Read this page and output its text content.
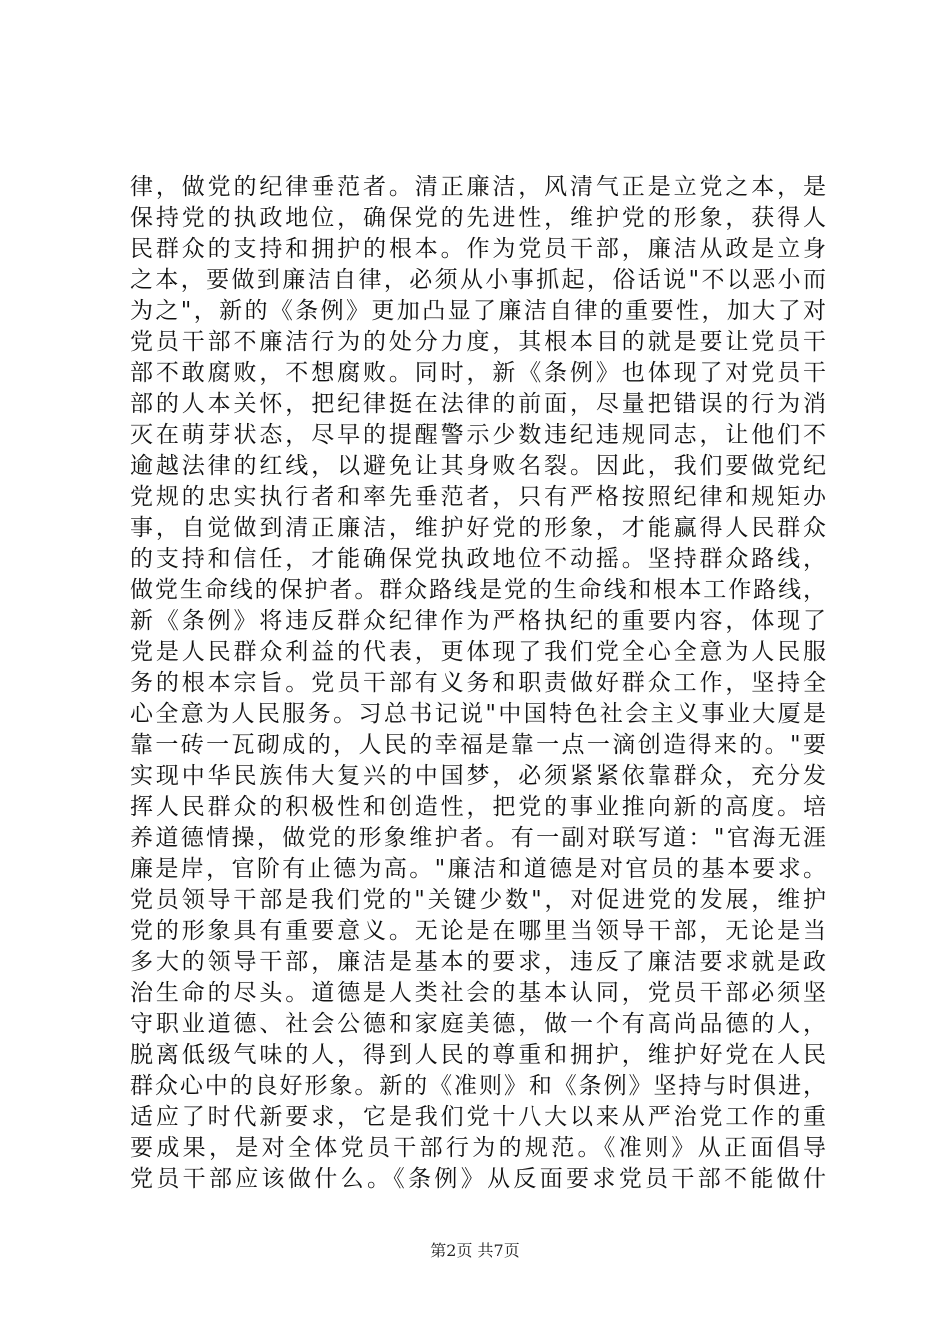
律，做党的纪律垂范者。清正廉洁，风清气正是立党之本，是
保持党的执政地位，确保党的先进性，维护党的形象，获得人
民群众的支持和拥护的根本。作为党员干部，廉洁从政是立身
之本，要做到廉洁自律，必须从小事抓起，俗话说"不以恶小而
为之"，新的《条例》更加凸显了廉洁自律的重要性，加大了对
党员干部不廉洁行为的处分力度，其根本目的就是要让党员干
部不敢腐败，不想腐败。同时，新《条例》也体现了对党员干
部的人本关怀，把纪律挺在法律的前面，尽量把错误的行为消
灭在萌芽状态，尽早的提醒警示少数违纪违规同志，让他们不
逾越法律的红线，以避免让其身败名裂。因此，我们要做党纪
党规的忠实执行者和率先垂范者，只有严格按照纪律和规矩办
事，自觉做到清正廉洁，维护好党的形象，才能赢得人民群众
的支持和信任，才能确保党执政地位不动摇。坚持群众路线，
做党生命线的保护者。群众路线是党的生命线和根本工作路线，
新《条例》将违反群众纪律作为严格执纪的重要内容，体现了
党是人民群众利益的代表，更体现了我们党全心全意为人民服
务的根本宗旨。党员干部有义务和职责做好群众工作，坚持全
心全意为人民服务。习总书记说"中国特色社会主义事业大厦是
靠一砖一瓦砌成的，人民的幸福是靠一点一滴创造得来的。"要
实现中华民族伟大复兴的中国梦，必须紧紧依靠群众，充分发
挥人民群众的积极性和创造性，把党的事业推向新的高度。培
养道德情操，做党的形象维护者。有一副对联写道："官海无涯
廉是岸，官阶有止德为高。"廉洁和道德是对官员的基本要求。
党员领导干部是我们党的"关键少数"，对促进党的发展，维护
党的形象具有重要意义。无论是在哪里当领导干部，无论是当
多大的领导干部，廉洁是基本的要求，违反了廉洁要求就是政
治生命的尽头。道德是人类社会的基本认同，党员干部必须坚
守职业道德、社会公德和家庭美德，做一个有高尚品德的人，
脱离低级气味的人，得到人民的尊重和拥护，维护好党在人民
群众心中的良好形象。新的《准则》和《条例》坚持与时俱进，
适应了时代新要求，它是我们党十八大以来从严治党工作的重
要成果，是对全体党员干部行为的规范。《准则》从正面倡导
党员干部应该做什么。《条例》从反面要求党员干部不能做什
第2页 共7页
